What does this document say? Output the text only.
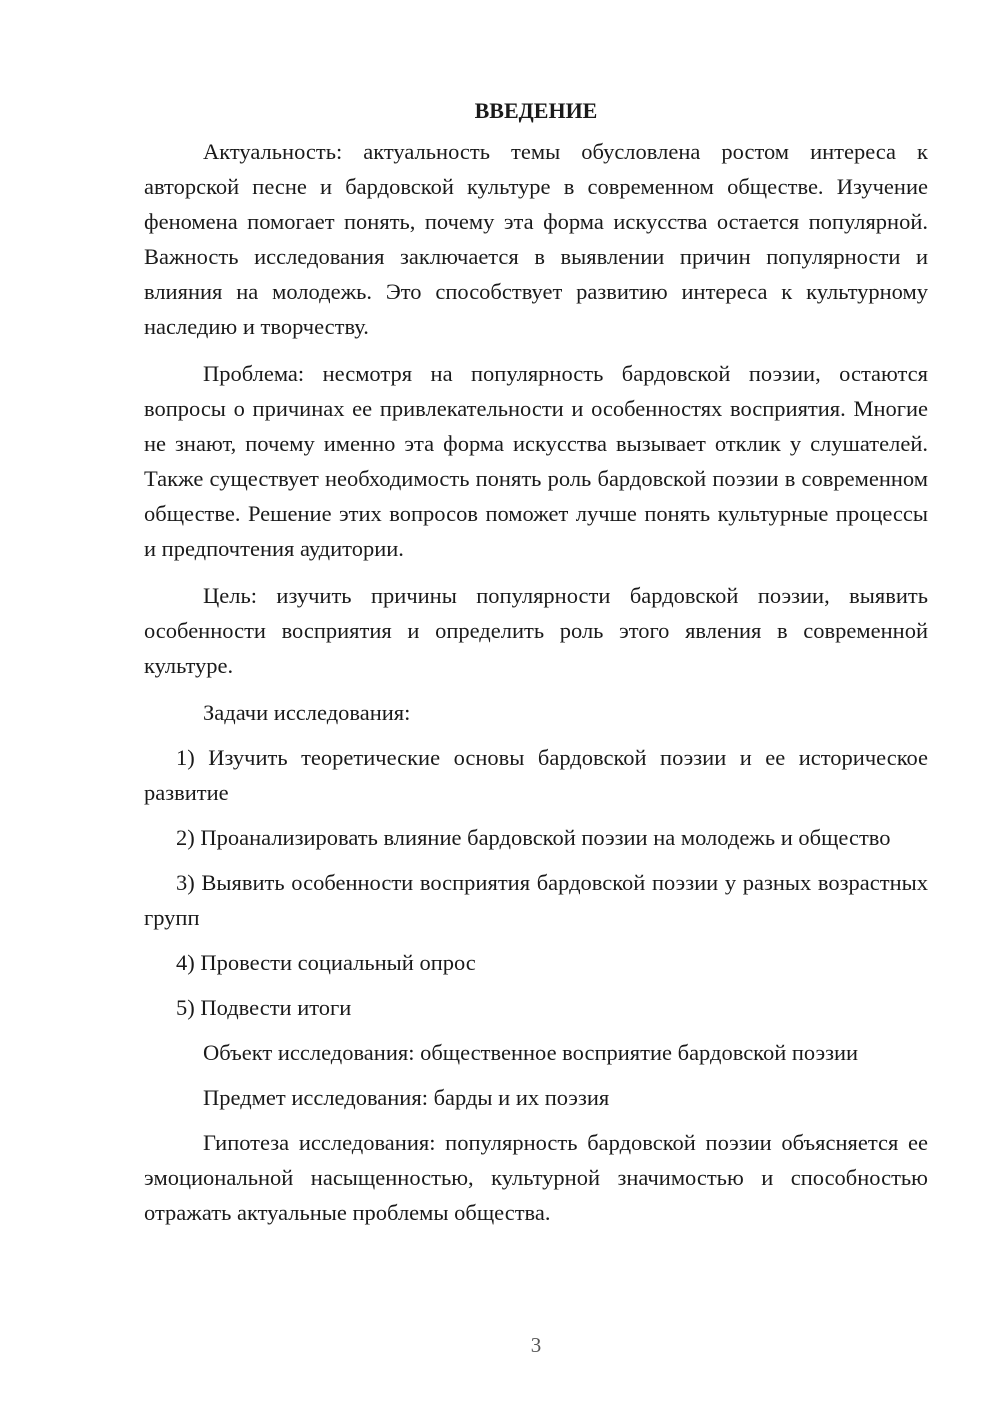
ВВЕДЕНИЕ

Актуальность: актуальность темы обусловлена ростом интереса к авторской песне и бардовской культуре в современном обществе. Изучение феномена помогает понять, почему эта форма искусства остается популярной. Важность исследования заключается в выявлении причин популярности и влияния на молодежь. Это способствует развитию интереса к культурному наследию и творчеству.

Проблема: несмотря на популярность бардовской поэзии, остаются вопросы о причинах ее привлекательности и особенностях восприятия. Многие не знают, почему именно эта форма искусства вызывает отклик у слушателей. Также существует необходимость понять роль бардовской поэзии в современном обществе. Решение этих вопросов поможет лучше понять культурные процессы и предпочтения аудитории.

Цель: изучить причины популярности бардовской поэзии, выявить особенности восприятия и определить роль этого явления в современной культуре.

Задачи исследования:

1) Изучить теоретические основы бардовской поэзии и ее историческое развитие

2) Проанализировать влияние бардовской поэзии на молодежь и общество

3) Выявить особенности восприятия бардовской поэзии у разных возрастных групп

4) Провести социальный опрос

5) Подвести итоги

Объект исследования: общественное восприятие бардовской поэзии

Предмет исследования: барды и их поэзия

Гипотеза исследования: популярность бардовской поэзии объясняется ее эмоциональной насыщенностью, культурной значимостью и способностью отражать актуальные проблемы общества.

3
